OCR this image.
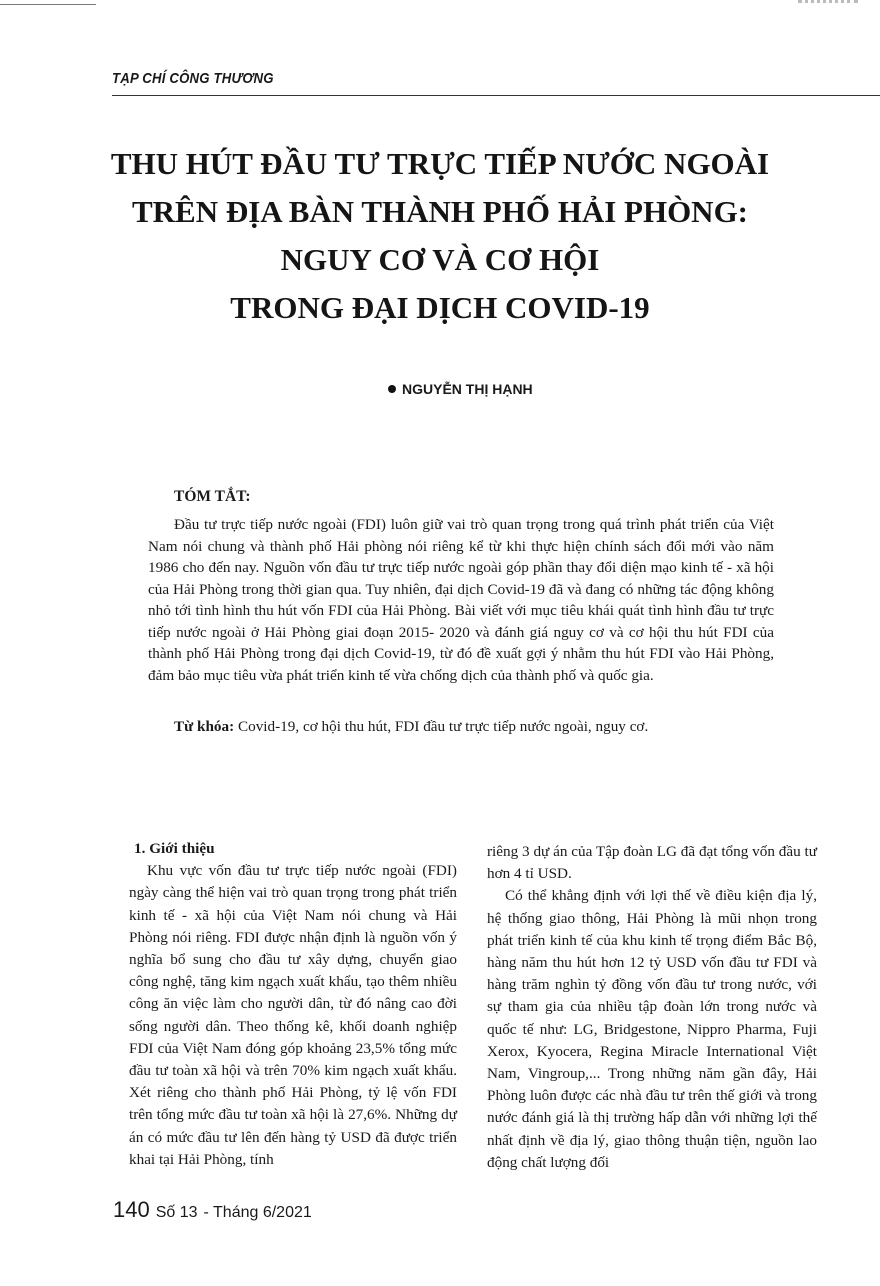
TẠP CHÍ CÔNG THƯƠNG
THU HÚT ĐẦU TƯ TRỰC TIẾP NƯỚC NGOÀI
TRÊN ĐỊA BÀN THÀNH PHỐ HẢI PHÒNG:
NGUY CƠ VÀ CƠ HỘI
TRONG ĐẠI DỊCH COVID-19
NGUYỄN THỊ HẠNH
TÓM TẮT:
Đầu tư trực tiếp nước ngoài (FDI) luôn giữ vai trò quan trọng trong quá trình phát triển của Việt Nam nói chung và thành phố Hải phòng nói riêng kể từ khi thực hiện chính sách đổi mới vào năm 1986 cho đến nay. Nguồn vốn đầu tư trực tiếp nước ngoài góp phần thay đổi diện mạo kinh tế - xã hội của Hải Phòng trong thời gian qua. Tuy nhiên, đại dịch Covid-19 đã và đang có những tác động không nhỏ tới tình hình thu hút vốn FDI của Hải Phòng. Bài viết với mục tiêu khái quát tình hình đầu tư trực tiếp nước ngoài ở Hải Phòng giai đoạn 2015- 2020 và đánh giá nguy cơ và cơ hội thu hút FDI của thành phố Hải Phòng trong đại dịch Covid-19, từ đó đề xuất gợi ý nhằm thu hút FDI vào Hải Phòng, đảm bảo mục tiêu vừa phát triển kinh tế vừa chống dịch của thành phố và quốc gia.
Từ khóa: Covid-19, cơ hội thu hút, FDI đầu tư trực tiếp nước ngoài, nguy cơ.
1. Giới thiệu

Khu vực vốn đầu tư trực tiếp nước ngoài (FDI) ngày càng thể hiện vai trò quan trọng trong phát triển kinh tế - xã hội của Việt Nam nói chung và Hải Phòng nói riêng. FDI được nhận định là nguồn vốn ý nghĩa bổ sung cho đầu tư xây dựng, chuyển giao công nghệ, tăng kim ngạch xuất khẩu, tạo thêm nhiều công ăn việc làm cho người dân, từ đó nâng cao đời sống người dân. Theo thống kê, khối doanh nghiệp FDI của Việt Nam đóng góp khoảng 23,5% tổng mức đầu tư toàn xã hội và trên 70% kim ngạch xuất khẩu. Xét riêng cho thành phố Hải Phòng, tỷ lệ vốn FDI trên tổng mức đầu tư toàn xã hội là 27,6%. Những dự án có mức đầu tư lên đến hàng tỷ USD đã được triển khai tại Hải Phòng, tính

riêng 3 dự án của Tập đoàn LG đã đạt tổng vốn đầu tư hơn 4 tỉ USD.

Có thể khẳng định với lợi thế về điều kiện địa lý, hệ thống giao thông, Hải Phòng là mũi nhọn trong phát triển kinh tế của khu kinh tế trọng điểm Bắc Bộ, hàng năm thu hút hơn 12 tỷ USD vốn đầu tư FDI và hàng trăm nghìn tỷ đồng vốn đầu tư trong nước, với sự tham gia của nhiều tập đoàn lớn trong nước và quốc tế như: LG, Bridgestone, Nippro Pharma, Fuji Xerox, Kyocera, Regina Miracle International Việt Nam, Vingroup,... Trong những năm gần đây, Hải Phòng luôn được các nhà đầu tư trên thế giới và trong nước đánh giá là thị trường hấp dẫn với những lợi thế nhất định về địa lý, giao thông thuận tiện, nguồn lao động chất lượng đối

140 Số 13 - Tháng 6/2021
